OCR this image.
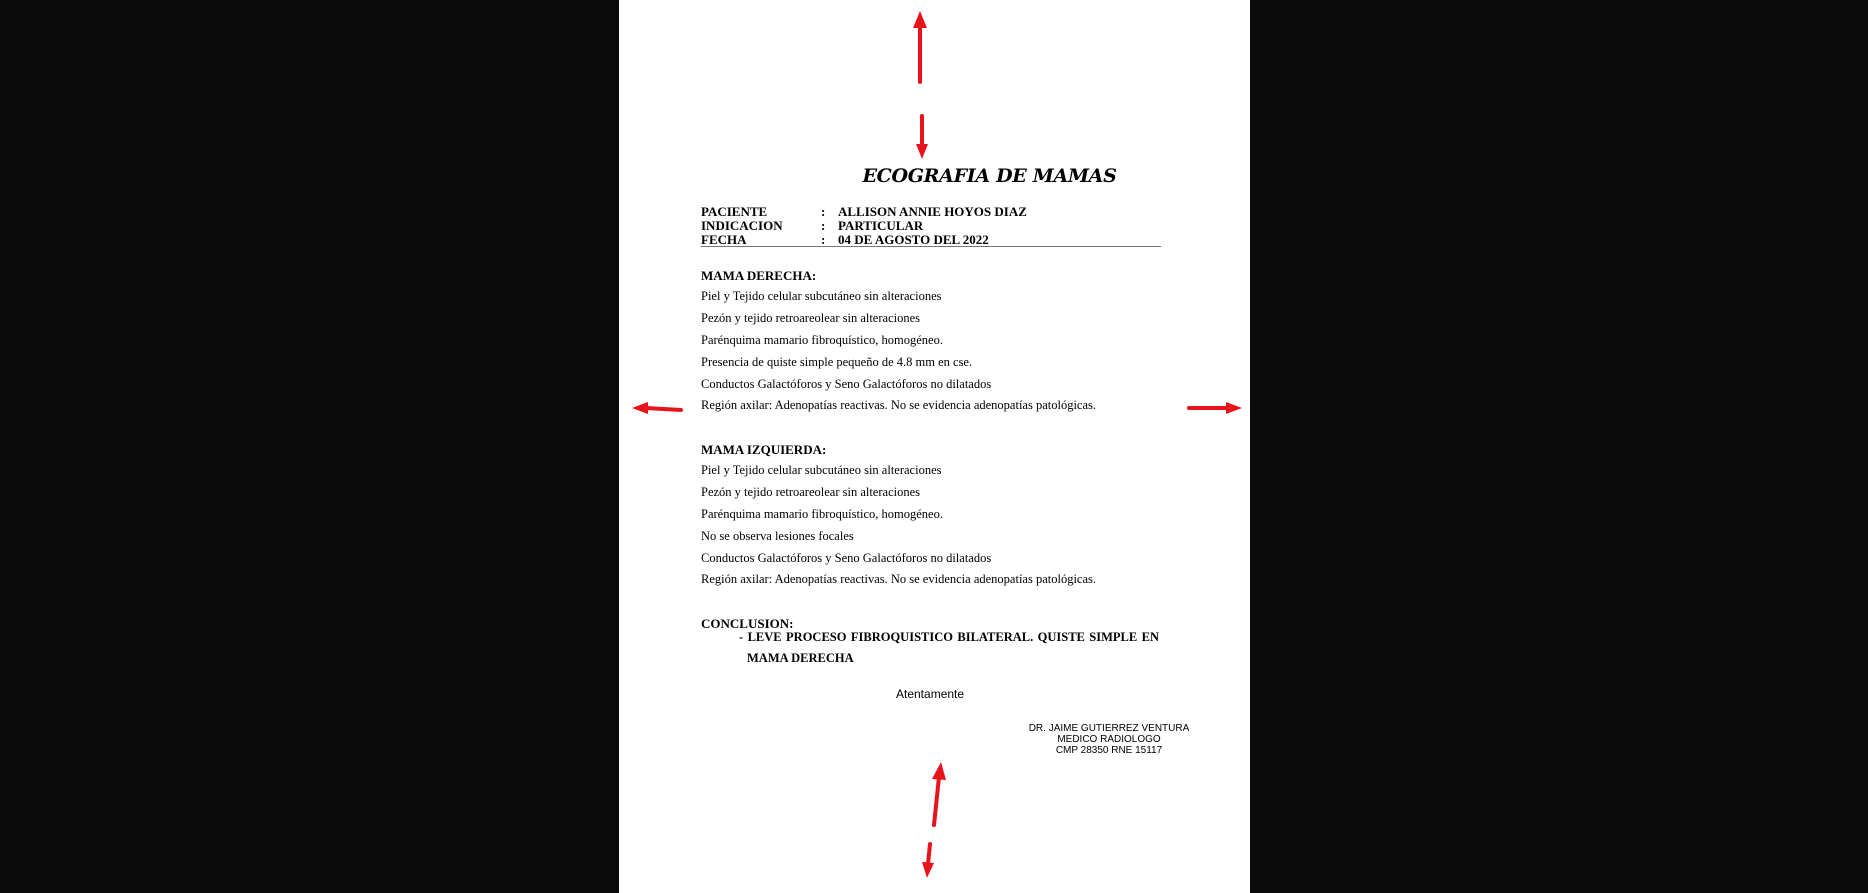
ECOGRAFIA DE MAMAS
PACIENTE	: ALLISON ANNIE HOYOS DIAZ
INDICACION	: PARTICULAR
FECHA	: 04 DE AGOSTO DEL 2022
MAMA DERECHA:
Piel y Tejido celular subcutáneo sin alteraciones
Pezón y tejido retroareolear sin alteraciones
Parénquima mamario fibroquístico, homogéneo.
Presencia de quiste simple pequeño de 4.8 mm en cse.
Conductos Galactóforos y Seno Galactóforos no dilatados
Región axilar: Adenopatías reactivas. No se evidencia adenopatías patológicas.
MAMA IZQUIERDA:
Piel y Tejido celular subcutáneo sin alteraciones
Pezón y tejido retroareolear sin alteraciones
Parénquima mamario fibroquístico, homogéneo.
No se observa lesiones focales
Conductos Galactóforos y Seno Galactóforos no dilatados
Región axilar: Adenopatías reactivas. No se evidencia adenopatías patológicas.
CONCLUSION:
- LEVE PROCESO FIBROQUISTICO BILATERAL. QUISTE SIMPLE EN
MAMA DERECHA
Atentamente
DR. JAIME GUTIERREZ VENTURA
MEDICO RADIOLOGO
CMP 28350 RNE 15117
